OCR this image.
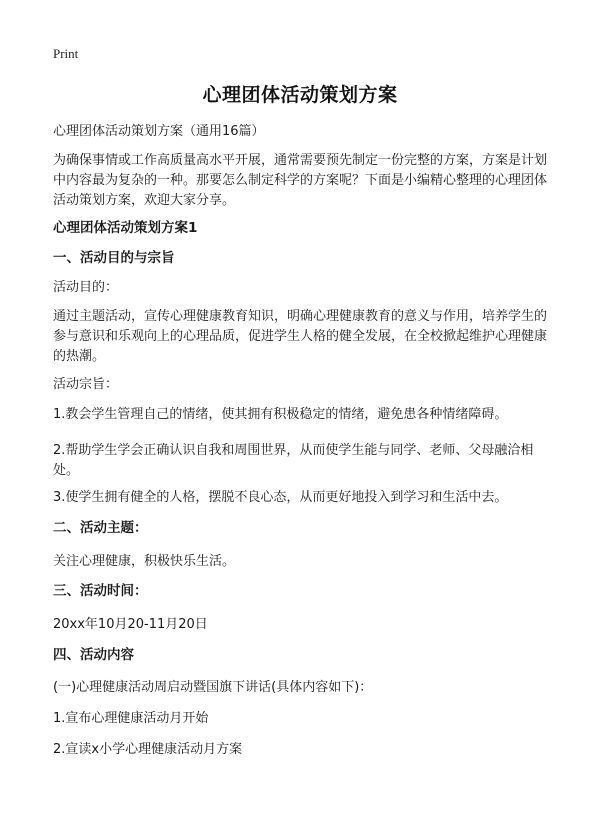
Print
心理团体活动策划方案
心理团体活动策划方案（通用16篇）
为确保事情或工作高质量高水平开展，通常需要预先制定一份完整的方案，方案是计划中内容最为复杂的一种。那要怎么制定科学的方案呢？下面是小编精心整理的心理团体活动策划方案，欢迎大家分享。
心理团体活动策划方案1
一、活动目的与宗旨
活动目的：
通过主题活动，宣传心理健康教育知识，明确心理健康教育的意义与作用，培养学生的参与意识和乐观向上的心理品质，促进学生人格的健全发展，在全校掀起维护心理健康的热潮。
活动宗旨：
1.教会学生管理自己的情绪，使其拥有积极稳定的情绪，避免患各种情绪障碍。
2.帮助学生学会正确认识自我和周围世界，从而使学生能与同学、老师、父母融洽相处。
3.使学生拥有健全的人格，摆脱不良心态，从而更好地投入到学习和生活中去。
二、活动主题：
关注心理健康，积极快乐生活。
三、活动时间：
20xx年10月20-11月20日
四、活动内容
(一)心理健康活动周启动暨国旗下讲话(具体内容如下)：
1.宣布心理健康活动月开始
2.宣读x小学心理健康活动月方案
